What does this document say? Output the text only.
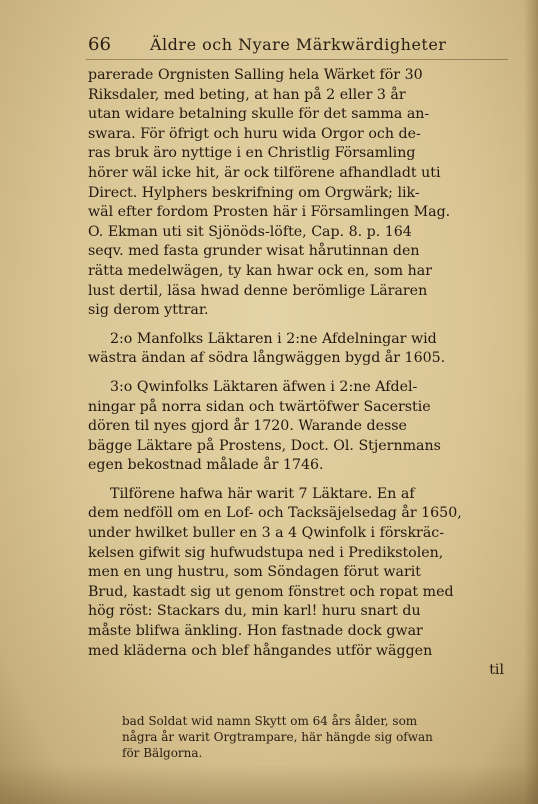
66 Äldre och Nyare Märkwärdigheter
parerade Orgnisten Salling hela Wärket för 30
Riksdaler, med beting, at han på 2 eller 3 år
utan widare betalning skulle för det samma an-
swara. För öfrigt och huru wida Orgor och de-
ras bruk äro nyttige i en Christlig Församling
hörer wäl icke hit, är ock tilförene afhandladt uti
Direct. Hylphers beskrifning om Orgwärk; lik-
wäl efter fordom Prosten här i Församlingen Mag.
O. Ekman uti sit Sjönöds-löfte, Cap. 8. p. 164
seqv. med fasta grunder wisat hårutinnan den
rätta medelwägen, ty kan hwar ock en, som har
lust dertil, läsa hwad denne berömlige Läraren
sig derom yttrar.
2:o Manfolks Läktaren i 2:ne Afdelningar wid
wästra ändan af södra långwäggen bygd år 1605.
3:o Qwinfolks Läktaren äfwen i 2:ne Afdel-
ningar på norra sidan och twärtöfwer Sacerstie
dören til nyes gjord år 1720. Warande desse
bägge Läktare på Prostens, Doct. Ol. Stjernmans
egen bekostnad målade år 1746.
Tilförene hafwa här warit 7 Läktare. En af
dem nedföll om en Lof- och Tacksäjelsedag år 1650,
under hwilket buller en 3 a 4 Qwinfolk i förskräc-
kelsen gifwit sig hufwudstupa ned i Predikstolen,
men en ung hustru, som Söndagen förut warit
Brud, kastadt sig ut genom fönstret och ropat med
hög röst: Stackars du, min karl! huru snart du
måste blifwa änkling. Hon fastnade dock gwar
med kläderna och blef hångandes utför wäggen
til
bad Soldat wid namn Skytt om 64 års ålder, som
några år warit Orgtrampare, här hängde sig ofwan
för Bälgorna.
